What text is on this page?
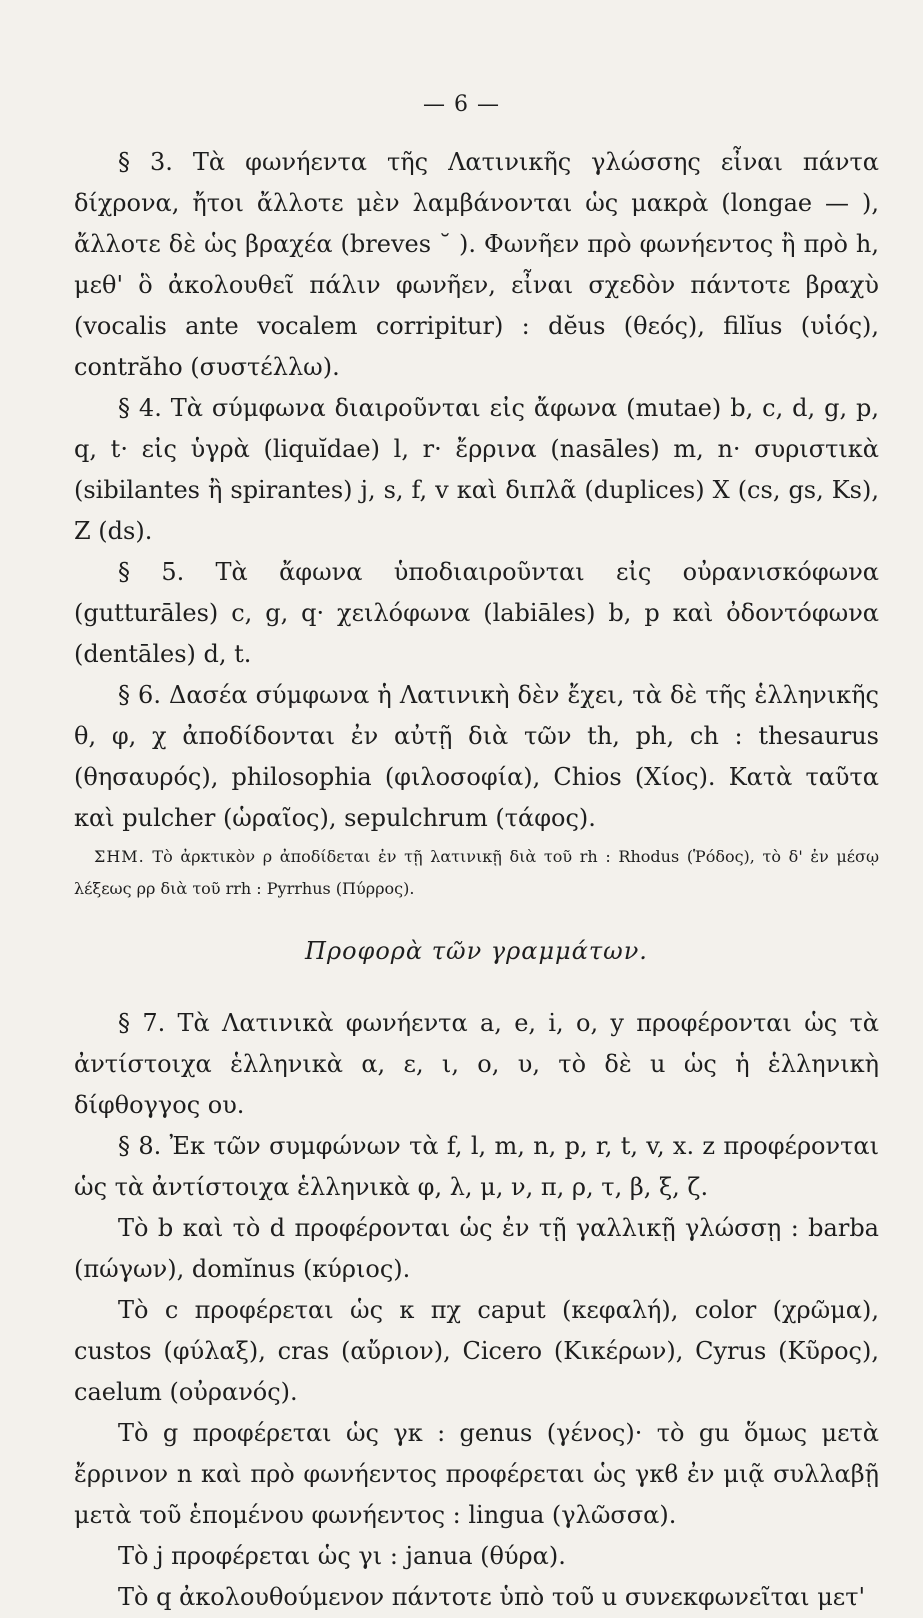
— 6 —

§ 3. Τὰ φωνήεντα τῆς Λατινικῆς γλώσσης εἶναι πάντα δίχρονα, ἤτοι ἄλλοτε μὲν λαμβάνονται ὡς μακρὰ (longae — ), ἄλλοτε δὲ ὡς βραχέα (breves ˘ ). Φωνῆεν πρὸ φωνήεντος ἢ πρὸ h, μεθ' ὃ ἀκολουθεῖ πάλιν φωνῆεν, εἶναι σχεδὸν πάντοτε βραχὺ (vocalis ante vocalem corripitur) : dĕus (θεός), filĭus (υἱός), contrăho (συστέλλω).

§ 4. Τὰ σύμφωνα διαιροῦνται εἰς ἄφωνα (mutae) b, c, d, g, p, q, t· εἰς ὑγρὰ (liquĭdae) l, r· ἔρρινα (nasāles) m, n· συριστικὰ (sibilantes ἢ spirantes) j, s, f, v καὶ διπλᾶ (duplices) X (cs, gs, Ks), Z (ds).

§ 5. Τὰ ἄφωνα ὑποδιαιροῦνται εἰς οὐρανισκόφωνα (gutturāles) c, g, q· χειλόφωνα (labiāles) b, p καὶ ὀδοντόφωνα (dentāles) d, t.

§ 6. Δασέα σύμφωνα ἡ Λατινικὴ δὲν ἔχει, τὰ δὲ τῆς ἑλληνικῆς θ, φ, χ ἀποδίδονται ἐν αὐτῇ διὰ τῶν th, ph, ch : thesaurus (θησαυρός), philosophia (φιλοσοφία), Chios (Χίος). Κατὰ ταῦτα καὶ pulcher (ὡραῖος), sepulchrum (τάφος).

ΣΗΜ. Τὸ ἀρκτικὸν ρ ἀποδίδεται ἐν τῇ λατινικῇ διὰ τοῦ rh : Rhodus (Ῥόδος), τὸ δ' ἐν μέσῳ λέξεως ρρ διὰ τοῦ rrh : Pyrrhus (Πύρρος).

Προφορὰ τῶν γραμμάτων.

§ 7. Τὰ Λατινικὰ φωνήεντα a, e, i, o, y προφέρονται ὡς τὰ ἀντίστοιχα ἑλληνικὰ α, ε, ι, ο, υ, τὸ δὲ u ὡς ἡ ἑλληνικὴ δίφθογγος ου.

§ 8. Ἐκ τῶν συμφώνων τὰ f, l, m, n, p, r, t, v, x. z προφέρονται ὡς τὰ ἀντίστοιχα ἑλληνικὰ φ, λ, μ, ν, π, ρ, τ, β, ξ, ζ.

Τὸ b καὶ τὸ d προφέρονται ὡς ἐν τῇ γαλλικῇ γλώσσῃ : barba (πώγων), domĭnus (κύριος).

Τὸ c προφέρεται ὡς κ πχ caput (κεφαλή), color (χρῶμα), custos (φύλαξ), cras (αὔριον), Cicero (Κικέρων), Cyrus (Κῦρος), caelum (οὐρανός).

Τὸ g προφέρεται ὡς γκ : genus (γένος)· τὸ gu ὅμως μετὰ ἔρρινον n καὶ πρὸ φωνήεντος προφέρεται ὡς γκϐ ἐν μιᾷ συλλαβῇ μετὰ τοῦ ἑπομένου φωνήεντος : lingua (γλῶσσα).

Τὸ j προφέρεται ὡς γι : janua (θύρα).

Τὸ q ἀκολουθούμενον πάντοτε ὑπὸ τοῦ u συνεκφωνεῖται μετ'
